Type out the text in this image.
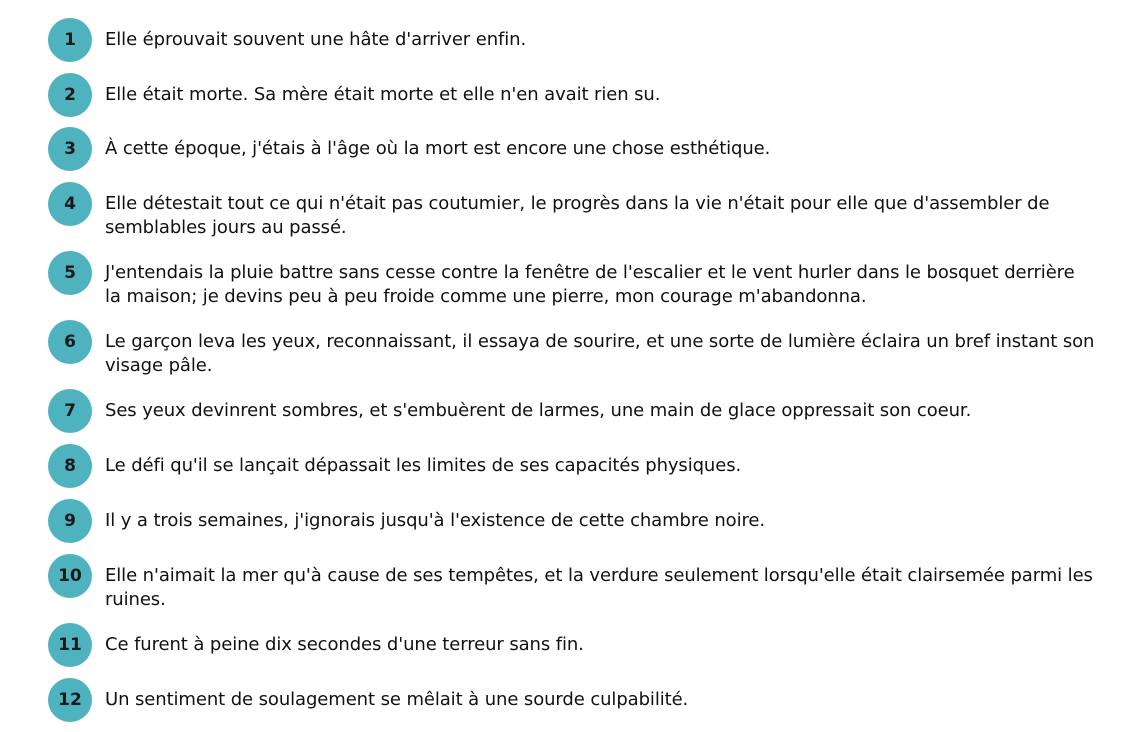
1	Elle éprouvait souvent une hâte d'arriver enfin.
2	Elle était morte. Sa mère était morte et elle n'en avait rien su.
3	À cette époque, j'étais à l'âge où la mort est encore une chose esthétique.
4	Elle détestait tout ce qui n'était pas coutumier, le progrès dans la vie n'était pour elle que d'assembler de semblables jours au passé.
5	J'entendais la pluie battre sans cesse contre la fenêtre de l'escalier et le vent hurler dans le bosquet derrière la maison; je devins peu à peu froide comme une pierre, mon courage m'abandonna.
6	Le garçon leva les yeux, reconnaissant, il essaya de sourire, et une sorte de lumière éclaira un bref instant son visage pâle.
7	Ses yeux devinrent sombres, et s'embuèrent de larmes, une main de glace oppressait son coeur.
8	Le défi qu'il se lançait dépassait les limites de ses capacités physiques.
9	Il y a trois semaines, j'ignorais jusqu'à l'existence de cette chambre noire.
10	Elle n'aimait la mer qu'à cause de ses tempêtes, et la verdure seulement lorsqu'elle était clairsemée parmi les ruines.
11	Ce furent à peine dix secondes d'une terreur sans fin.
12	Un sentiment de soulagement se mêlait à une sourde culpabilité.
